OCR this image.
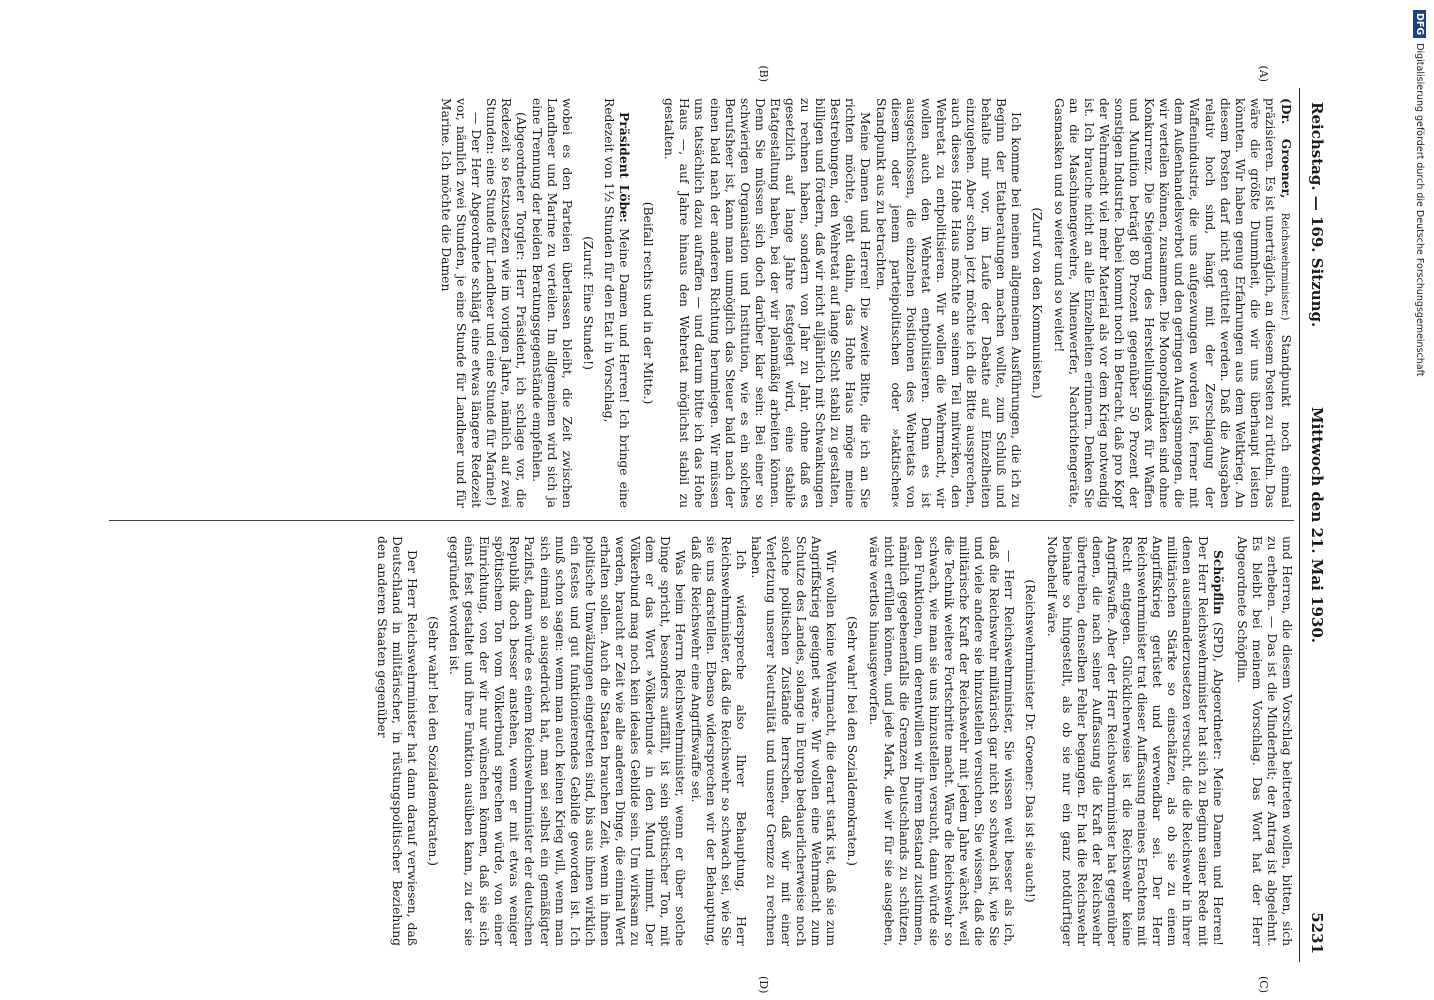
Reichstag. — 169. Sitzung.
Mittwoch den 21. Mai 1930.
5231
(A)
(B)
(C)
(D)

(Dr. Groener, Reichswehrminister.) Standpunkt noch einmal präzisieren. Es ist unerträglich, an diesem Posten zu rütteln. Das wäre die größte Dummheit, die wir uns überhaupt leisten könnten. Wir haben genug Erfahrungen aus dem Weltkrieg. An diesem Posten darf nicht gerüttelt werden. Daß die Ausgaben relativ hoch sind, hängt mit der Zerschlagung der Waffenindustrie, die uns aufgezwungen worden ist, ferner mit dem Außenhandelsverbot und den geringen Auftragsmengen, die wir verteilen können, zusammen. Die Monopolfabriken sind ohne Konkurrenz. Die Steigerung des Herstellungsindex für Waffen und Munition beträgt 80 Prozent gegenüber 50 Prozent der sonstigen Industrie. Dabei kommt noch in Betracht, daß pro Kopf der Wehrmacht viel mehr Material als vor dem Krieg notwendig ist. Ich brauche nicht an alle Einzelheiten erinnern. Denken Sie an die Maschinengewehre, Minenwerfer, Nachrichtengeräte, Gasmasken und so weiter und so weiter!

(Zuruf von den Kommunisten.)

Ich komme bei meinen allgemeinen Ausführungen, die ich zu Beginn der Etatberatungen machen wollte, zum Schluß und behalte mir vor, im Laufe der Debatte auf Einzelheiten einzugehen. Aber schon jetzt möchte ich die Bitte aussprechen, auch dieses Hohe Haus möchte an seinem Teil mitwirken, den Wehretat zu entpolitisieren. Wir wollen die Wehrmacht, wir wollen auch den Wehretat entpolitisieren. Denn es ist ausgeschlossen, die einzelnen Positionen des Wehretats von diesem oder jenem parteipolitischen oder »taktischen« Standpunkt aus zu betrachten.

Meine Damen und Herren! Die zweite Bitte, die ich an Sie richten möchte, geht dahin, das Hohe Haus möge meine Bestrebungen, den Wehretat auf lange Sicht stabil zu gestalten, billigen und fördern, daß wir nicht alljährlich mit Schwankungen zu rechnen haben, sondern von Jahr zu Jahr, ohne daß es gesetzlich auf lange Jahre festgelegt wird, eine stabile Etatgestaltung haben, bei der wir planmäßig arbeiten können. Denn Sie müssen sich doch darüber klar sein: Bei einer so schwierigen Organisation und Institution, wie es ein solches Berufsheer ist, kann man unmöglich das Steuer bald nach der einen bald nach der anderen Richtung herumlegen. Wir müssen uns tatsächlich dazu aufraffen — und darum bitte ich das Hohe Haus —, auf Jahre hinaus den Wehretat möglichst stabil zu gestalten.

(Beifall rechts und in der Mitte.)

Präsident Löbe: Meine Damen und Herren! Ich bringe eine Redezeit von 1½ Stunden für den Etat in Vorschlag,

(Zuruf: Eine Stunde!)

wobei es den Parteien überlassen bleibt, die Zeit zwischen Landheer und Marine zu verteilen. Im allgemeinen wird sich ja eine Trennung der beiden Beratungsgegenstände empfehlen.

(Abgeordneter Torgler: Herr Präsident, ich schlage vor, die Redezeit so festzusetzen wie im vorigen Jahre, nämlich auf zwei Stunden: eine Stunde für Landheer und eine Stunde für Marine!)

— Der Herr Abgeordnete schlägt eine etwas längere Redezeit vor, nämlich zwei Stunden, je eine Stunde für Landheer und für Marine. Ich möchte die Damen

und Herren, die diesem Vorschlag beitreten wollen, bitten, sich zu erheben. — Das ist die Minderheit; der Antrag ist abgelehnt. Es bleibt bei meinem Vorschlag. Das Wort hat der Herr Abgeordnete Schöpflin.

Schöpflin (SPD), Abgeordneter: Meine Damen und Herren! Der Herr Reichswehrminister hat sich zu Beginn seiner Rede mit denen auseinanderzusetzen versucht, die die Reichswehr in ihrer militärischen Stärke so einschätzen, als ob sie zu einem Angriffskrieg gerüstet und verwendbar sei. Der Herr Reichswehrminister trat dieser Auffassung meines Erachtens mit Recht entgegen. Glücklicherweise ist die Reichswehr keine Angriffswaffe. Aber der Herr Reichswehrminister hat gegenüber denen, die nach seiner Auffassung die Kraft der Reichswehr übertreiben, denselben Fehler begangen. Er hat die Reichswehr beinahe so hingestellt, als ob sie nur ein ganz notdürftiger Notbehelf wäre.

(Reichswehrminister Dr. Groener: Das ist sie auch!)

— Herr Reichswehrminister, Sie wissen weit besser als ich, daß die Reichswehr militärisch gar nicht so schwach ist, wie Sie und viele andere sie hinzustellen versuchen. Sie wissen, daß die militärische Kraft der Reichswehr mit jedem Jahre wächst, weil die Technik weitere Fortschritte macht. Wäre die Reichswehr so schwach, wie man sie uns hinzustellen versucht, dann würde sie den Funktionen, um derentwillen wir ihrem Bestand zustimmen, nämlich gegebenenfalls die Grenzen Deutschlands zu schützen, nicht erfüllen können, und jede Mark, die wir für sie ausgeben, wäre wertlos hinausgeworfen.

(Sehr wahr! bei den Sozialdemokraten.)

Wir wollen keine Wehrmacht, die derart stark ist, daß sie zum Angriffskrieg geeignet wäre. Wir wollen eine Wehrmacht zum Schutze des Landes, solange in Europa bedauerlicherweise noch solche politischen Zustände herrschen, daß wir mit einer Verletzung unserer Neutralität und unserer Grenze zu rechnen haben.

Ich widerspreche also Ihrer Behauptung, Herr Reichswehrminister, daß die Reichswehr so schwach sei, wie Sie sie uns darstellen. Ebenso widersprechen wir der Behauptung, daß die Reichswehr eine Angriffswaffe sei.

Was beim Herrn Reichswehrminister, wenn er über solche Dinge spricht, besonders auffällt, ist sein spöttischer Ton, mit dem er das Wort »Völkerbund« in den Mund nimmt. Der Völkerbund mag noch kein ideales Gebilde sein. Um wirksam zu werden, braucht er Zeit wie alle anderen Dinge, die einmal Wert erhalten sollen. Auch die Staaten brauchen Zeit, wenn in ihnen politische Umwälzungen eingetreten sind, bis aus ihnen wirklich ein festes und gut funktionierendes Gebilde geworden ist. Ich muß schon sagen: wenn man auch keinen Krieg will, wenn man sich einmal so ausgedrückt hat, man sei selbst ein gemäßigter Pazifist, dann würde es einem Reichswehrminister der deutschen Republik doch besser anstehen, wenn er mit etwas weniger spöttischem Ton vom Völkerbund sprechen würde, von einer Einrichtung, von der wir nur wünschen können, daß sie sich einst fest gestaltet und ihre Funktion ausüben kann, zu der sie gegründet worden ist.

(Sehr wahr! bei den Sozialdemokraten.)

Der Herr Reichswehrminister hat dann darauf verwiesen, daß Deutschland in militärischer, in rüstungspolitischer Beziehung den anderen Staaten gegenüber

DFGDigitalisierung gefördert durch die Deutsche Forschungsgemeinschaft
